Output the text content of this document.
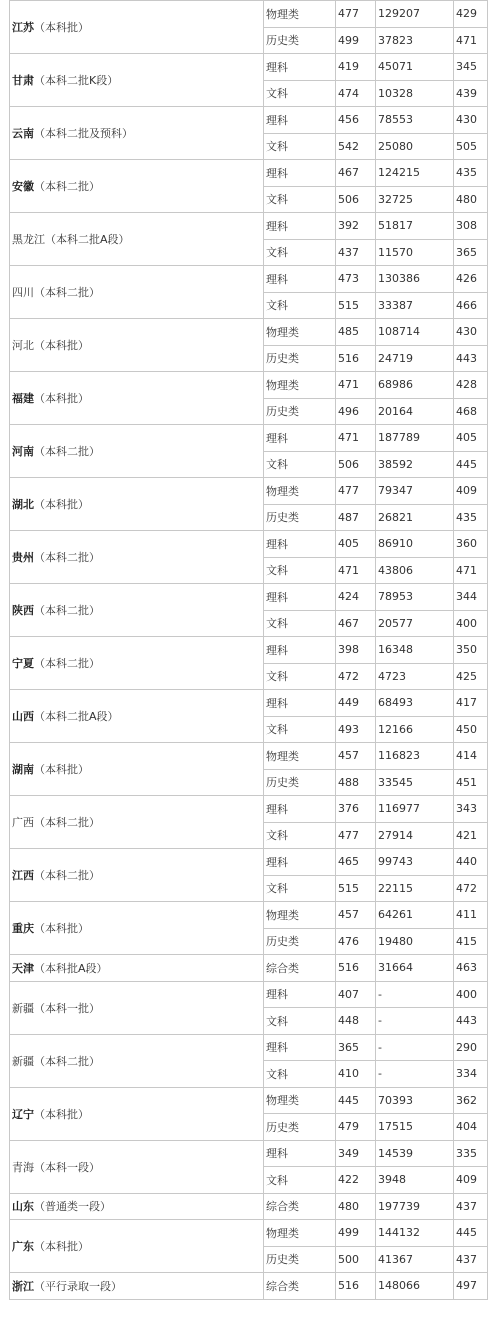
江苏（本科批）	物理类	477	129207	429
	历史类	499	37823	471
甘肃（本科二批K段）	理科	419	45071	345
	文科	474	10328	439
云南（本科二批及预科）	理科	456	78553	430
	文科	542	25080	505
安徽（本科二批）	理科	467	124215	435
	文科	506	32725	480
黑龙江（本科二批A段）	理科	392	51817	308
	文科	437	11570	365
四川（本科二批）	理科	473	130386	426
	文科	515	33387	466
河北（本科批）	物理类	485	108714	430
	历史类	516	24719	443
福建（本科批）	物理类	471	68986	428
	历史类	496	20164	468
河南（本科二批）	理科	471	187789	405
	文科	506	38592	445
湖北（本科批）	物理类	477	79347	409
	历史类	487	26821	435
贵州（本科二批）	理科	405	86910	360
	文科	471	43806	471
陕西（本科二批）	理科	424	78953	344
	文科	467	20577	400
宁夏（本科二批）	理科	398	16348	350
	文科	472	4723	425
山西（本科二批A段）	理科	449	68493	417
	文科	493	12166	450
湖南（本科批）	物理类	457	116823	414
	历史类	488	33545	451
广西（本科二批）	理科	376	116977	343
	文科	477	27914	421
江西（本科二批）	理科	465	99743	440
	文科	515	22115	472
重庆（本科批）	物理类	457	64261	411
	历史类	476	19480	415
天津（本科批A段）	综合类	516	31664	463
新疆（本科一批）	理科	407	-	400
	文科	448	-	443
新疆（本科二批）	理科	365	-	290
	文科	410	-	334
辽宁（本科批）	物理类	445	70393	362
	历史类	479	17515	404
青海（本科一段）	理科	349	14539	335
	文科	422	3948	409
山东（普通类一段）	综合类	480	197739	437
广东（本科批）	物理类	499	144132	445
	历史类	500	41367	437
浙江（平行录取一段）	综合类	516	148066	497
